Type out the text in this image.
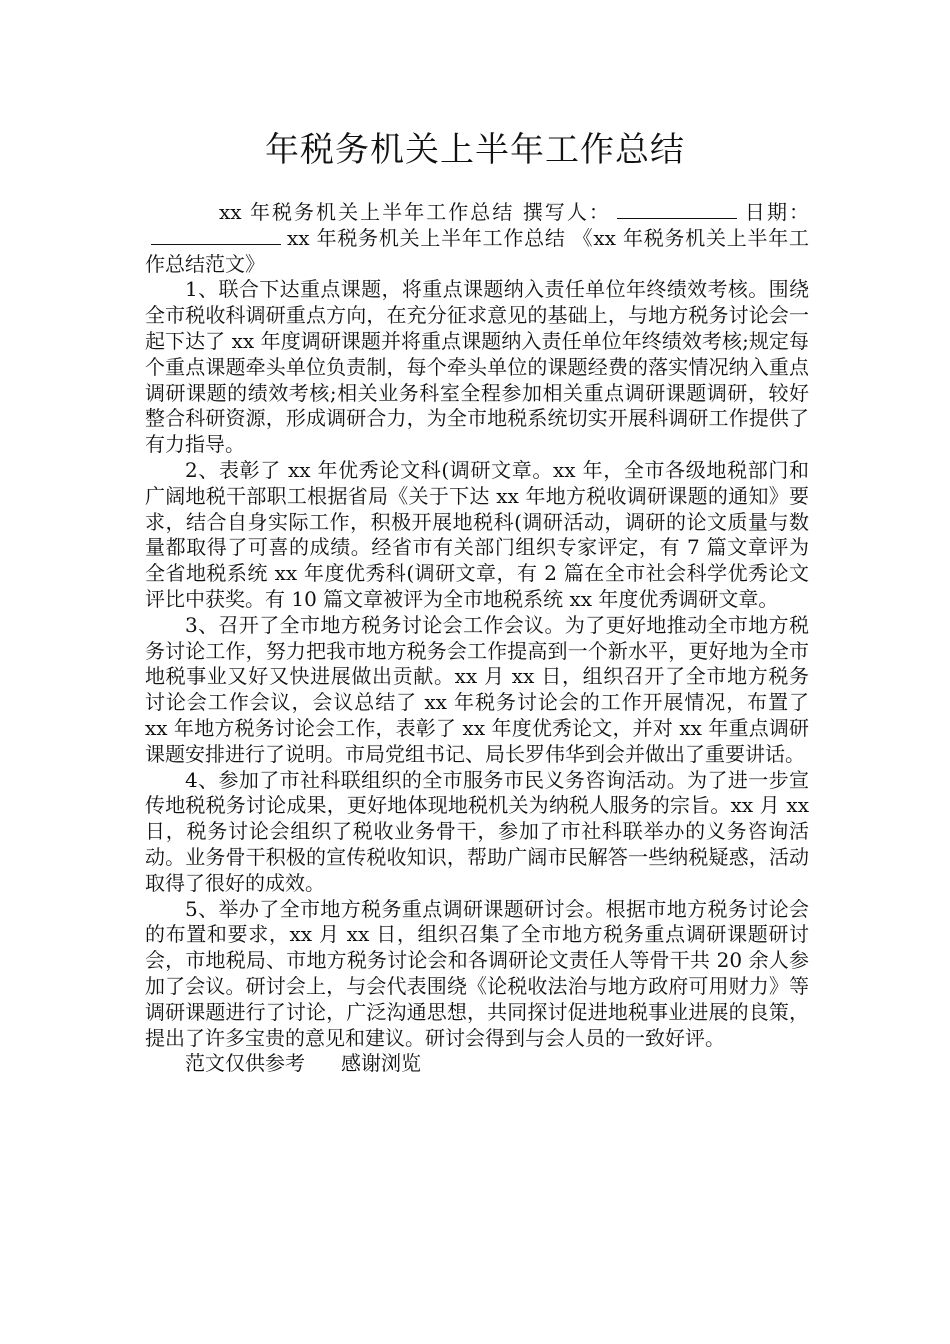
年税务机关上半年工作总结

xx 年税务机关上半年工作总结 撰写人：	日期：xx 年税务机关上半年工作总结 《xx 年税务机关上半年工作总结范文》

1、联合下达重点课题，将重点课题纳入责任单位年终绩效考核。围绕全市税收科调研重点方向，在充分征求意见的基础上，与地方税务讨论会一起下达了 xx 年度调研课题并将重点课题纳入责任单位年终绩效考核;规定每个重点课题牵头单位负责制，每个牵头单位的课题经费的落实情况纳入重点调研课题的绩效考核;相关业务科室全程参加相关重点调研课题调研，较好整合科研资源，形成调研合力，为全市地税系统切实开展科调研工作提供了有力指导。

2、表彰了 xx 年优秀论文科(调研文章。xx 年，全市各级地税部门和广阔地税干部职工根据省局《关于下达 xx 年地方税收调研课题的通知》要求，结合自身实际工作，积极开展地税科(调研活动，调研的论文质量与数量都取得了可喜的成绩。经省市有关部门组织专家评定，有 7 篇文章评为全省地税系统 xx 年度优秀科(调研文章，有 2 篇在全市社会科学优秀论文评比中获奖。有 10 篇文章被评为全市地税系统 xx 年度优秀调研文章。

3、召开了全市地方税务讨论会工作会议。为了更好地推动全市地方税务讨论工作，努力把我市地方税务会工作提高到一个新水平，更好地为全市地税事业又好又快进展做出贡献。xx 月 xx 日，组织召开了全市地方税务讨论会工作会议，会议总结了 xx 年税务讨论会的工作开展情况，布置了 xx 年地方税务讨论会工作，表彰了 xx 年度优秀论文，并对 xx 年重点调研课题安排进行了说明。市局党组书记、局长罗伟华到会并做出了重要讲话。

4、参加了市社科联组织的全市服务市民义务咨询活动。为了进一步宣传地税税务讨论成果，更好地体现地税机关为纳税人服务的宗旨。xx 月 xx 日，税务讨论会组织了税收业务骨干，参加了市社科联举办的义务咨询活动。业务骨干积极的宣传税收知识，帮助广阔市民解答一些纳税疑惑，活动取得了很好的成效。

5、举办了全市地方税务重点调研课题研讨会。根据市地方税务讨论会的布置和要求，xx 月 xx 日，组织召集了全市地方税务重点调研课题研讨会，市地税局、市地方税务讨论会和各调研论文责任人等骨干共 20 余人参加了会议。研讨会上，与会代表围绕《论税收法治与地方政府可用财力》等调研课题进行了讨论，广泛沟通思想，共同探讨促进地税事业进展的良策，提出了许多宝贵的意见和建议。研讨会得到与会人员的一致好评。

范文仅供参考 感谢浏览
